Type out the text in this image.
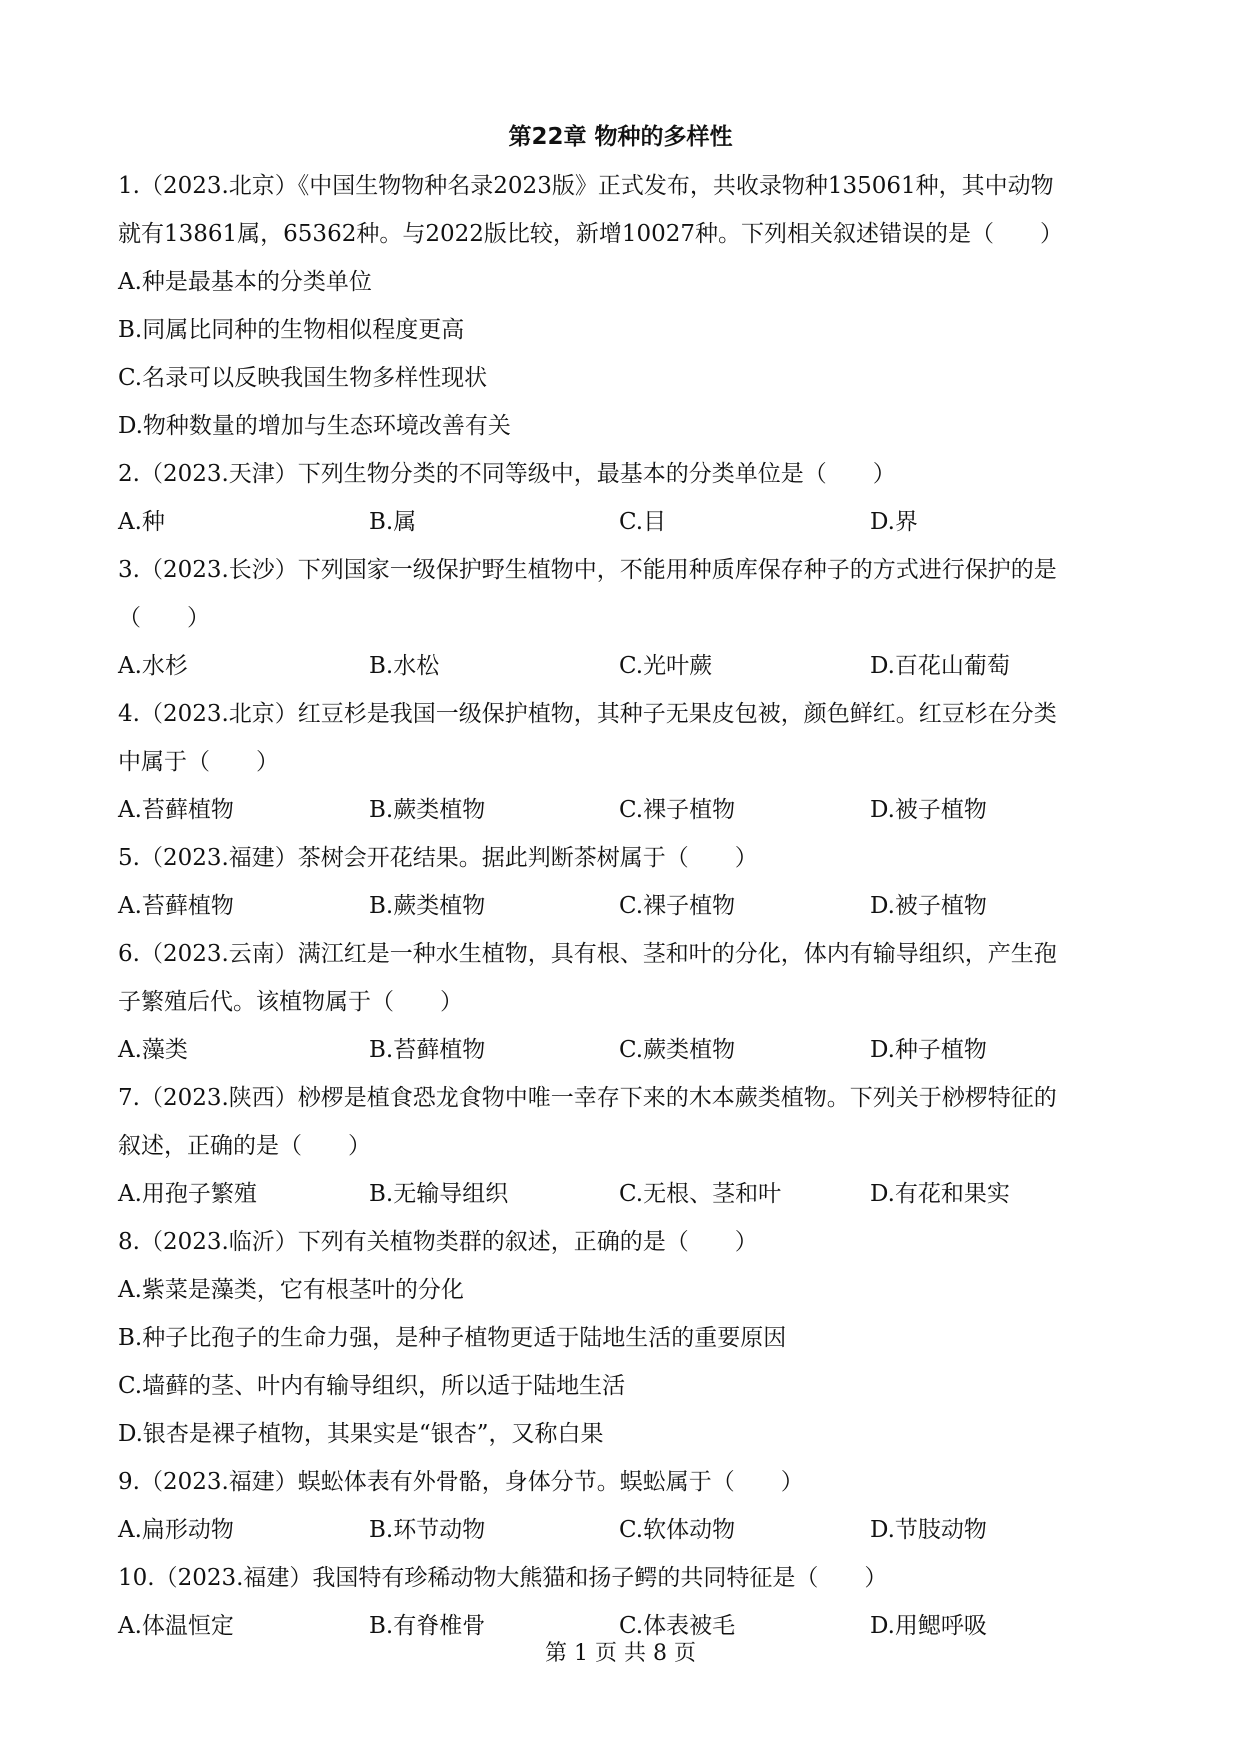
第22章 物种的多样性
1.（2023.北京）《中国生物物种名录2023版》正式发布，共收录物种135061种，其中动物
就有13861属，65362种。与2022版比较，新增10027种。下列相关叙述错误的是（　　）
A.种是最基本的分类单位
B.同属比同种的生物相似程度更高
C.名录可以反映我国生物多样性现状
D.物种数量的增加与生态环境改善有关
2.（2023.天津）下列生物分类的不同等级中，最基本的分类单位是（　　）
A.种	B.属	C.目	D.界
3.（2023.长沙）下列国家一级保护野生植物中，不能用种质库保存种子的方式进行保护的是
（　　）
A.水杉	B.水松	C.光叶蕨	D.百花山葡萄
4.（2023.北京）红豆杉是我国一级保护植物，其种子无果皮包被，颜色鲜红。红豆杉在分类
中属于（　　）
A.苔藓植物	B.蕨类植物	C.裸子植物	D.被子植物
5.（2023.福建）茶树会开花结果。据此判断茶树属于（　　）
A.苔藓植物	B.蕨类植物	C.裸子植物	D.被子植物
6.（2023.云南）满江红是一种水生植物，具有根、茎和叶的分化，体内有输导组织，产生孢
子繁殖后代。该植物属于（　　）
A.藻类	B.苔藓植物	C.蕨类植物	D.种子植物
7.（2023.陕西）桫椤是植食恐龙食物中唯一幸存下来的木本蕨类植物。下列关于桫椤特征的
叙述，正确的是（　　）
A.用孢子繁殖	B.无输导组织	C.无根、茎和叶	D.有花和果实
8.（2023.临沂）下列有关植物类群的叙述，正确的是（　　）
A.紫菜是藻类，它有根茎叶的分化
B.种子比孢子的生命力强，是种子植物更适于陆地生活的重要原因
C.墙藓的茎、叶内有输导组织，所以适于陆地生活
D.银杏是裸子植物，其果实是“银杏”，又称白果
9.（2023.福建）蜈蚣体表有外骨骼，身体分节。蜈蚣属于（　　）
A.扁形动物	B.环节动物	C.软体动物	D.节肢动物
10.（2023.福建）我国特有珍稀动物大熊猫和扬子鳄的共同特征是（　　）
A.体温恒定	B.有脊椎骨	C.体表被毛	D.用鳃呼吸
第 1 页 共 8 页
